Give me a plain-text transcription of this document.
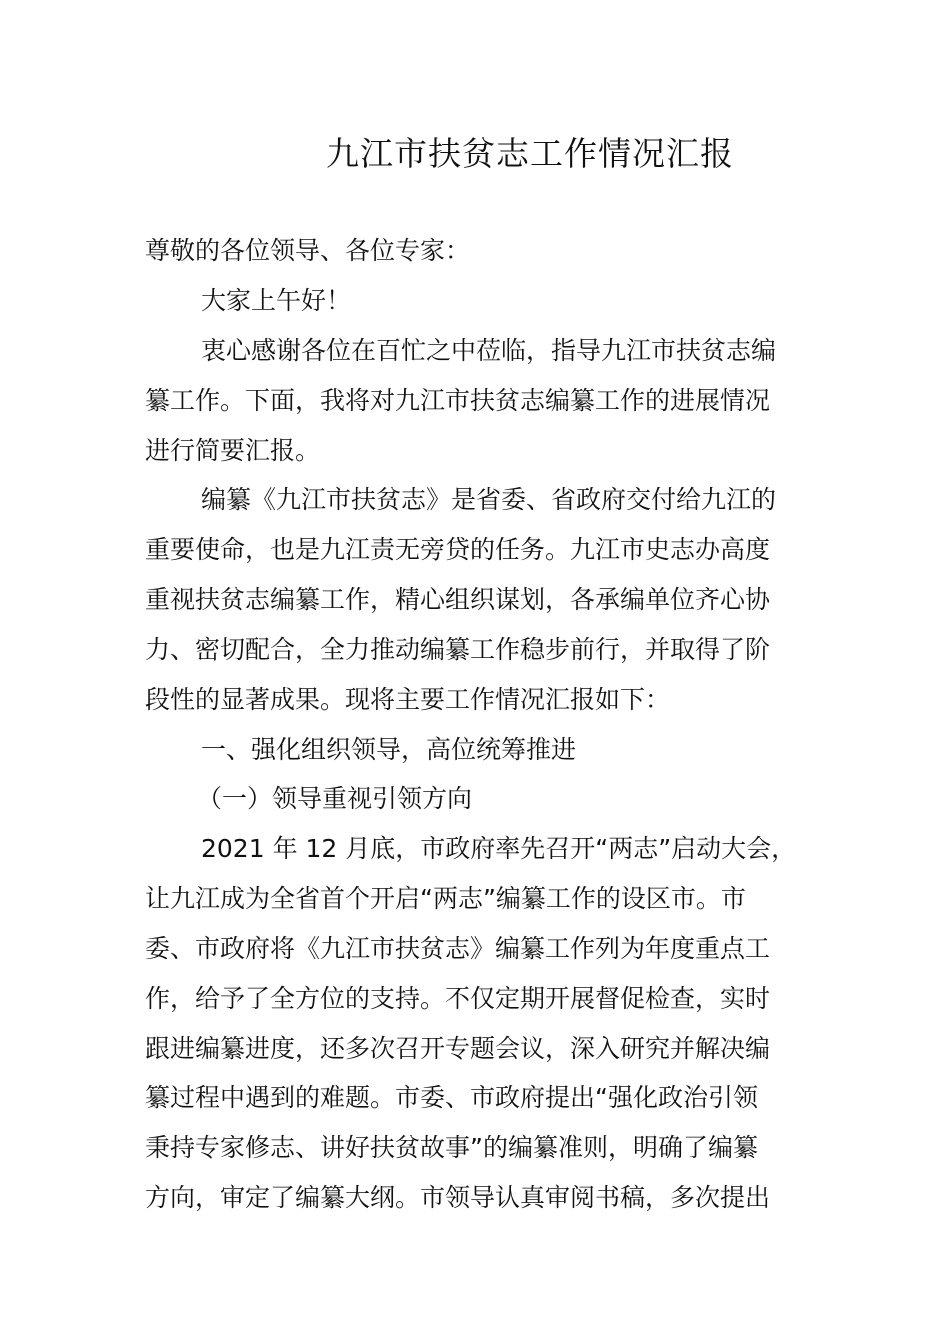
九江市扶贫志工作情况汇报
尊敬的各位领导、各位专家：
大家上午好！
衷心感谢各位在百忙之中莅临，指导九江市扶贫志编
纂工作。下面，我将对九江市扶贫志编纂工作的进展情况
进行简要汇报。
编纂《九江市扶贫志》是省委、省政府交付给九江的
重要使命，也是九江责无旁贷的任务。九江市史志办高度
重视扶贫志编纂工作，精心组织谋划，各承编单位齐心协
力、密切配合，全力推动编纂工作稳步前行，并取得了阶
段性的显著成果。现将主要工作情况汇报如下：
一、强化组织领导，高位统筹推进
（一）领导重视引领方向
2021 年 12 月底，市政府率先召开“两志”启动大会，
让九江成为全省首个开启“两志”编纂工作的设区市。市
委、市政府将《九江市扶贫志》编纂工作列为年度重点工
作，给予了全方位的支持。不仅定期开展督促检查，实时
跟进编纂进度，还多次召开专题会议，深入研究并解决编
纂过程中遇到的难题。市委、市政府提出“强化政治引领
秉持专家修志、讲好扶贫故事”的编纂准则，明确了编纂
方向，审定了编纂大纲。市领导认真审阅书稿，多次提出
